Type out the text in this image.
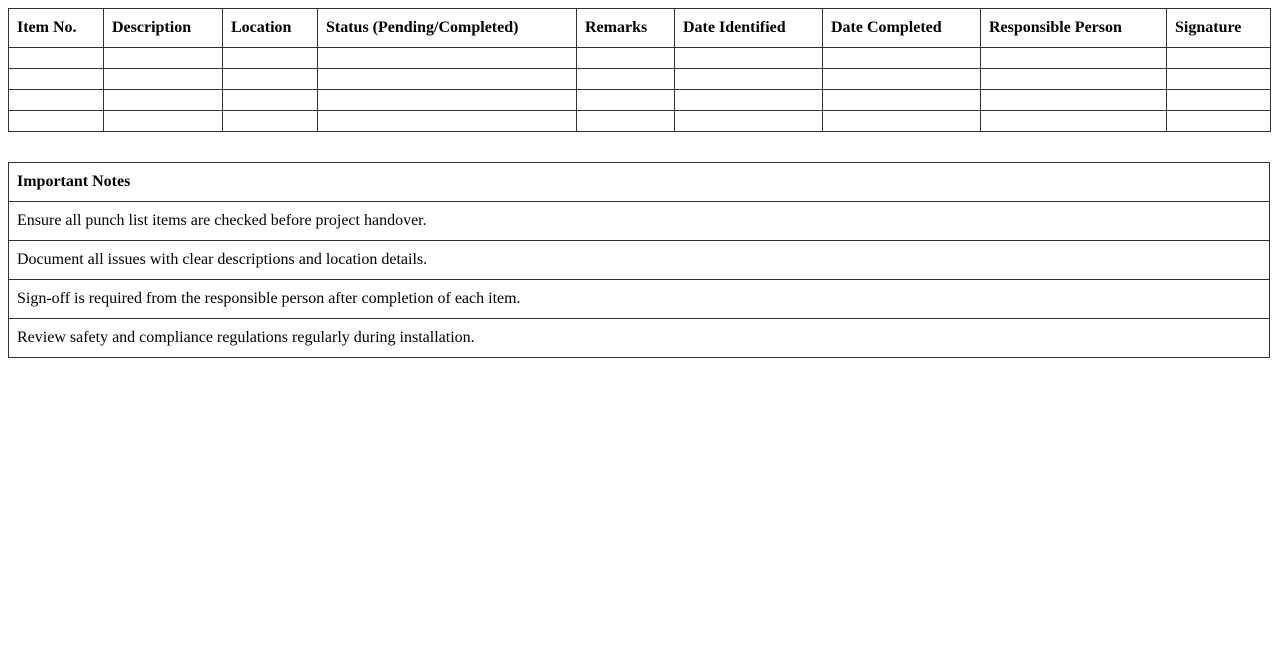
Item No.	Description	Location	Status (Pending/Completed)	Remarks	Date Identified	Date Completed	Responsible Person	Signature

Important Notes
Ensure all punch list items are checked before project handover.
Document all issues with clear descriptions and location details.
Sign-off is required from the responsible person after completion of each item.
Review safety and compliance regulations regularly during installation.
